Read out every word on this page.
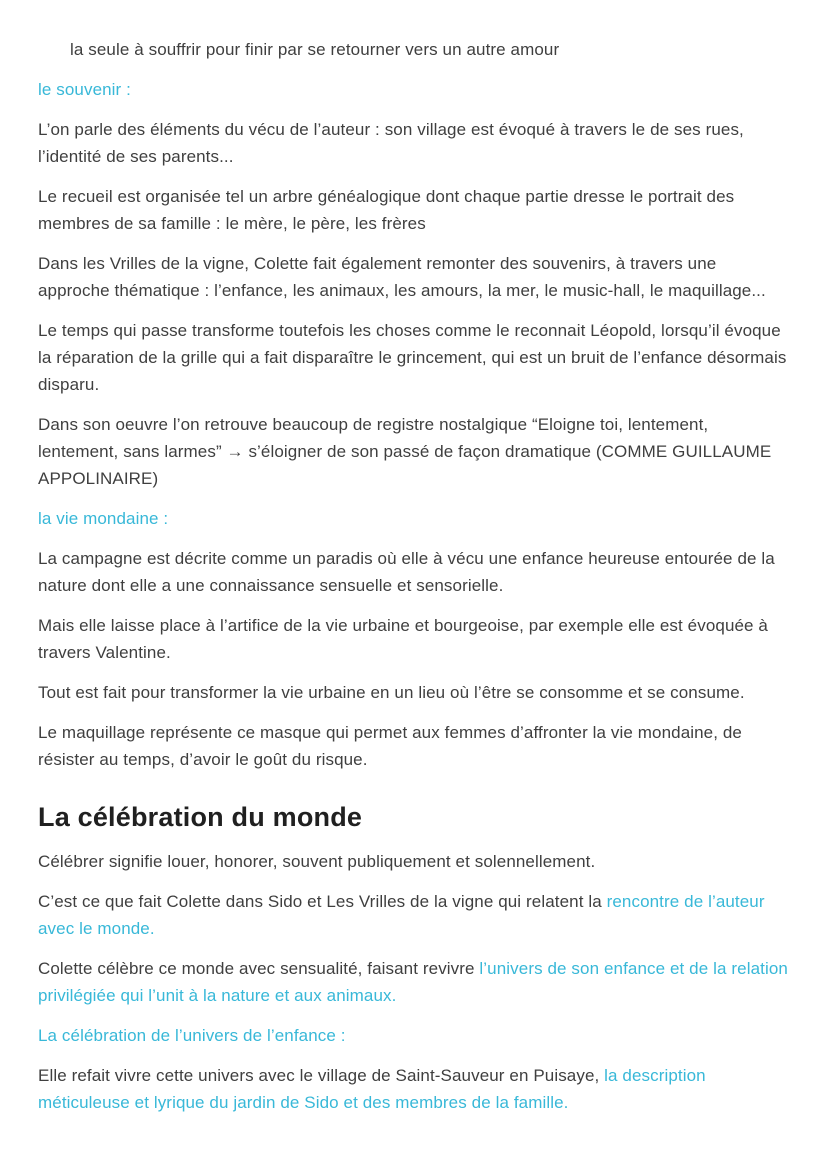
la seule à souffrir pour finir par se retourner vers un autre amour

le souvenir :

L’on parle des éléments du vécu de l’auteur : son village est évoqué à travers le de ses rues, l’identité de ses parents...

Le recueil est organisée tel un arbre généalogique dont chaque partie dresse le portrait des membres de sa famille : le mère, le père, les frères

Dans les Vrilles de la vigne, Colette fait également remonter des souvenirs, à travers une approche thématique : l’enfance, les animaux, les amours, la mer, le music-hall, le maquillage...

Le temps qui passe transforme toutefois les choses comme le reconnait Léopold, lorsqu’il évoque la réparation de la grille qui a fait disparaître le grincement, qui est un bruit de l’enfance désormais disparu.

Dans son oeuvre l’on retrouve beaucoup de registre nostalgique “Eloigne toi, lentement, lentement, sans larmes” → s’éloigner de son passé de façon dramatique (COMME GUILLAUME APPOLINAIRE)

la vie mondaine :

La campagne est décrite comme un paradis où elle à vécu une enfance heureuse entourée de la nature dont elle a une connaissance sensuelle et sensorielle.

Mais elle laisse place à l’artifice de la vie urbaine et bourgeoise, par exemple elle est évoquée à travers Valentine.

Tout est fait pour transformer la vie urbaine en un lieu où l’être se consomme et se consume.

Le maquillage représente ce masque qui permet aux femmes d’affronter la vie mondaine, de résister au temps, d’avoir le goût du risque.

La célébration du monde

Célébrer signifie louer, honorer, souvent publiquement et solennellement.

C’est ce que fait Colette dans Sido et Les Vrilles de la vigne qui relatent la rencontre de l’auteur avec le monde.

Colette célèbre ce monde avec sensualité, faisant revivre l’univers de son enfance et de la relation privilégiée qui l’unit à la nature et aux animaux.

La célébration de l’univers de l’enfance :

Elle refait vivre cette univers avec le village de Saint-Sauveur en Puisaye, la description méticuleuse et lyrique du jardin de Sido et des membres de la famille.
